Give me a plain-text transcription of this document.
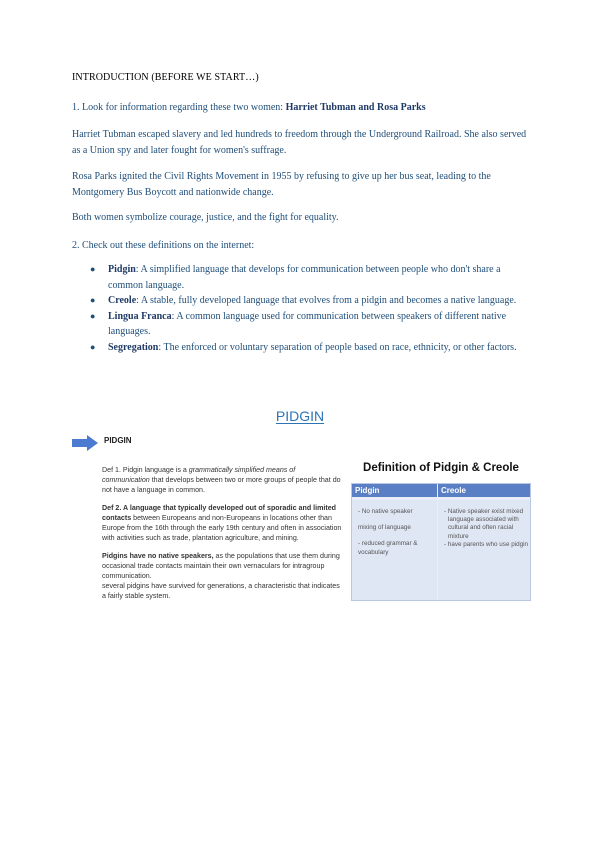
INTRODUCTION (BEFORE WE START…)
1. Look for information regarding these two women: Harriet Tubman and Rosa Parks
Harriet Tubman escaped slavery and led hundreds to freedom through the Underground Railroad. She also served as a Union spy and later fought for women's suffrage.
Rosa Parks ignited the Civil Rights Movement in 1955 by refusing to give up her bus seat, leading to the Montgomery Bus Boycott and nationwide change.
Both women symbolize courage, justice, and the fight for equality.
2. Check out these definitions on the internet:
● Pidgin: A simplified language that develops for communication between people who don't share a common language.
● Creole: A stable, fully developed language that evolves from a pidgin and becomes a native language.
● Lingua Franca: A common language used for communication between speakers of different native languages.
● Segregation: The enforced or voluntary separation of people based on race, ethnicity, or other factors.
PIDGIN
PIDGIN

Def 1. Pidgin language is a grammatically simplified means of communication that develops between two or more groups of people that do not have a language in common.

Def 2. A language that typically developed out of sporadic and limited contacts between Europeans and non-Europeans in locations other than Europe from the 16th through the early 19th century and often in association with activities such as trade, plantation agriculture, and mining.

Pidgins have no native speakers, as the populations that use them during occasional trade contacts maintain their own vernaculars for intragroup communication.
several pidgins have survived for generations, a characteristic that indicates a fairly stable system.

Definition of Pidgin & Creole
Pidgin	Creole
- No native speaker
mixing of language
- reduced grammar & vocabulary
- Native speaker exist mixed language associated with cultural and often racial mixture
- have parents who use pidgin
